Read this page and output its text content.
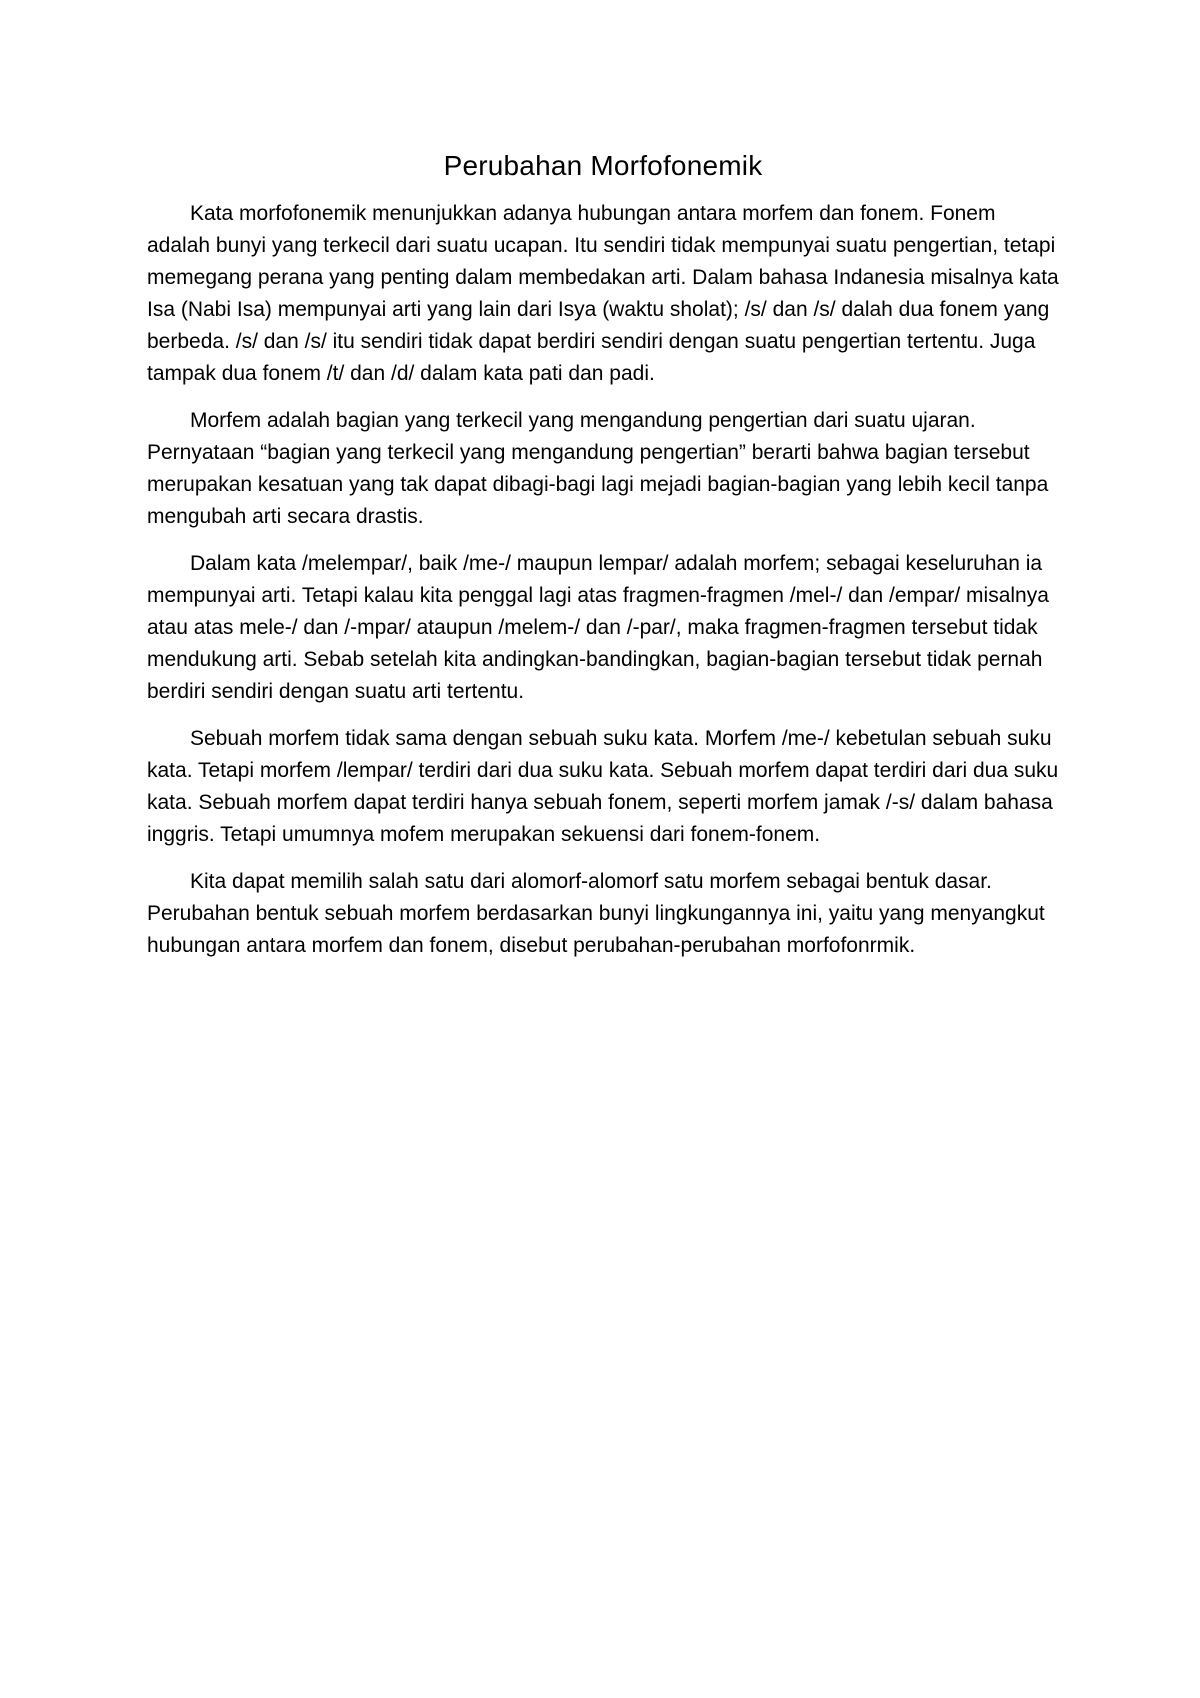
Perubahan Morfofonemik

Kata morfofonemik menunjukkan adanya hubungan antara morfem dan fonem. Fonem adalah bunyi yang terkecil dari suatu ucapan. Itu sendiri tidak mempunyai suatu pengertian, tetapi memegang perana yang penting dalam membedakan arti. Dalam bahasa Indanesia misalnya kata Isa (Nabi Isa) mempunyai arti yang lain dari Isya (waktu sholat); /s/ dan /s/ dalah dua fonem yang berbeda. /s/ dan /s/ itu sendiri tidak dapat berdiri sendiri dengan suatu pengertian tertentu. Juga tampak dua fonem /t/ dan /d/ dalam kata pati dan padi.

Morfem adalah bagian yang terkecil yang mengandung pengertian dari suatu ujaran. Pernyataan “bagian yang terkecil yang mengandung pengertian” berarti bahwa bagian tersebut merupakan kesatuan yang tak dapat dibagi-bagi lagi mejadi bagian-bagian yang lebih kecil tanpa mengubah arti secara drastis.

Dalam kata /melempar/, baik /me-/ maupun lempar/ adalah morfem; sebagai keseluruhan ia mempunyai arti. Tetapi kalau kita penggal lagi atas fragmen-fragmen /mel-/ dan /empar/ misalnya atau atas mele-/ dan /-mpar/ ataupun /melem-/ dan /-par/, maka fragmen-fragmen tersebut tidak mendukung arti. Sebab setelah kita andingkan-bandingkan, bagian-bagian tersebut tidak pernah berdiri sendiri dengan suatu arti tertentu.

Sebuah morfem tidak sama dengan sebuah suku kata. Morfem /me-/ kebetulan sebuah suku kata. Tetapi morfem /lempar/ terdiri dari dua suku kata. Sebuah morfem dapat terdiri dari dua suku kata. Sebuah morfem dapat terdiri hanya sebuah fonem, seperti morfem jamak /-s/ dalam bahasa inggris. Tetapi umumnya mofem merupakan sekuensi dari fonem-fonem.

Kita dapat memilih salah satu dari alomorf-alomorf satu morfem sebagai bentuk dasar. Perubahan bentuk sebuah morfem berdasarkan bunyi lingkungannya ini, yaitu yang menyangkut hubungan antara morfem dan fonem, disebut perubahan-perubahan morfofonrmik.
